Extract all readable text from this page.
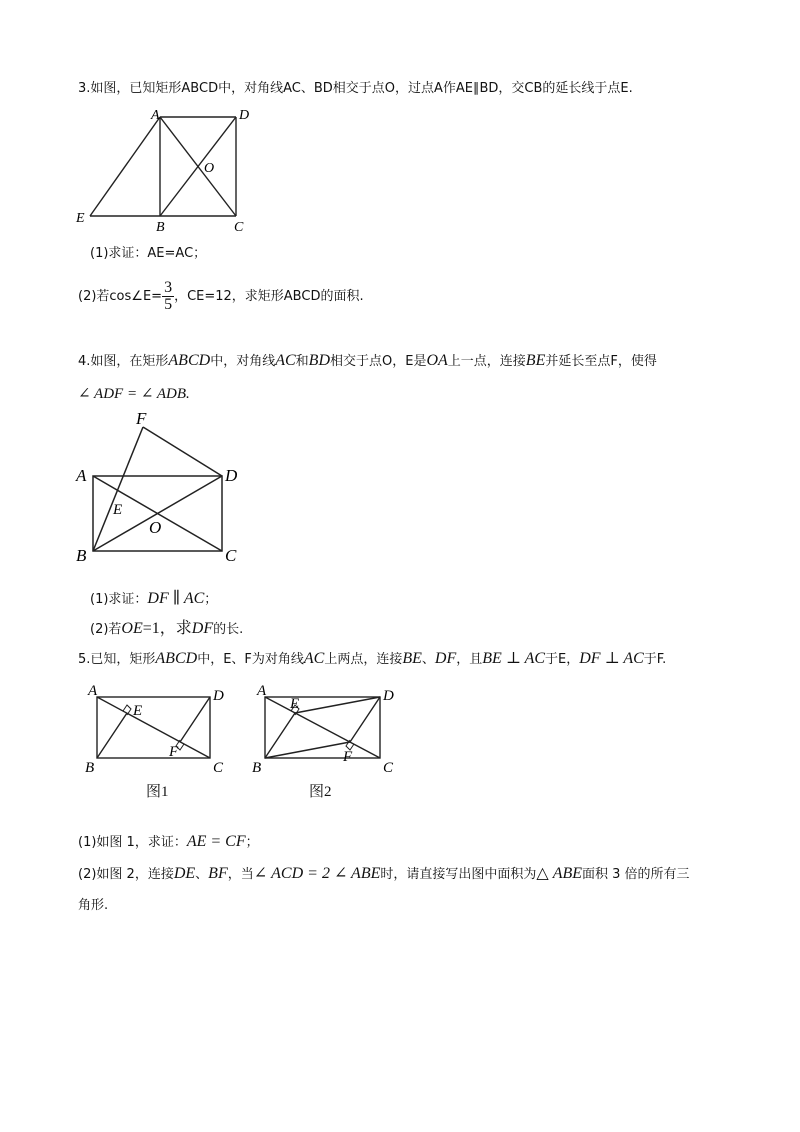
3.如图，已知矩形ABCD中，对角线AC、BD相交于点O，过点A作AE∥BD，交CB的延长线于点E.
A	D
O
E
B	C
(1)求证：AE=AC；
(2)若cos∠E= $\frac{3}{5}$ ，CE=12，求矩形ABCD的面积.
4.如图，在矩形ABCD中，对角线AC和BD相交于点O，E是OA上一点，连接BE并延长至点F，使得
∠ ADF = ∠ ADB.
F
A	D
E
O
B	C
(1)求证：DF ∥ AC；
(2)若OE=1，求DF的长.
5.已知，矩形ABCD中，E、F为对角线AC上两点，连接BE、DF，且BE ⊥ AC于E，DF ⊥ AC于F.
A	D
E
F
B	C
A	D
E
F
B	C
图1	图2
(1)如图 1，求证：AE = CF；
(2)如图 2，连接DE、BF，当∠ ACD = 2 ∠ ABE时，请直接写出图中面积为△ ABE面积 3 倍的所有三
角形.
